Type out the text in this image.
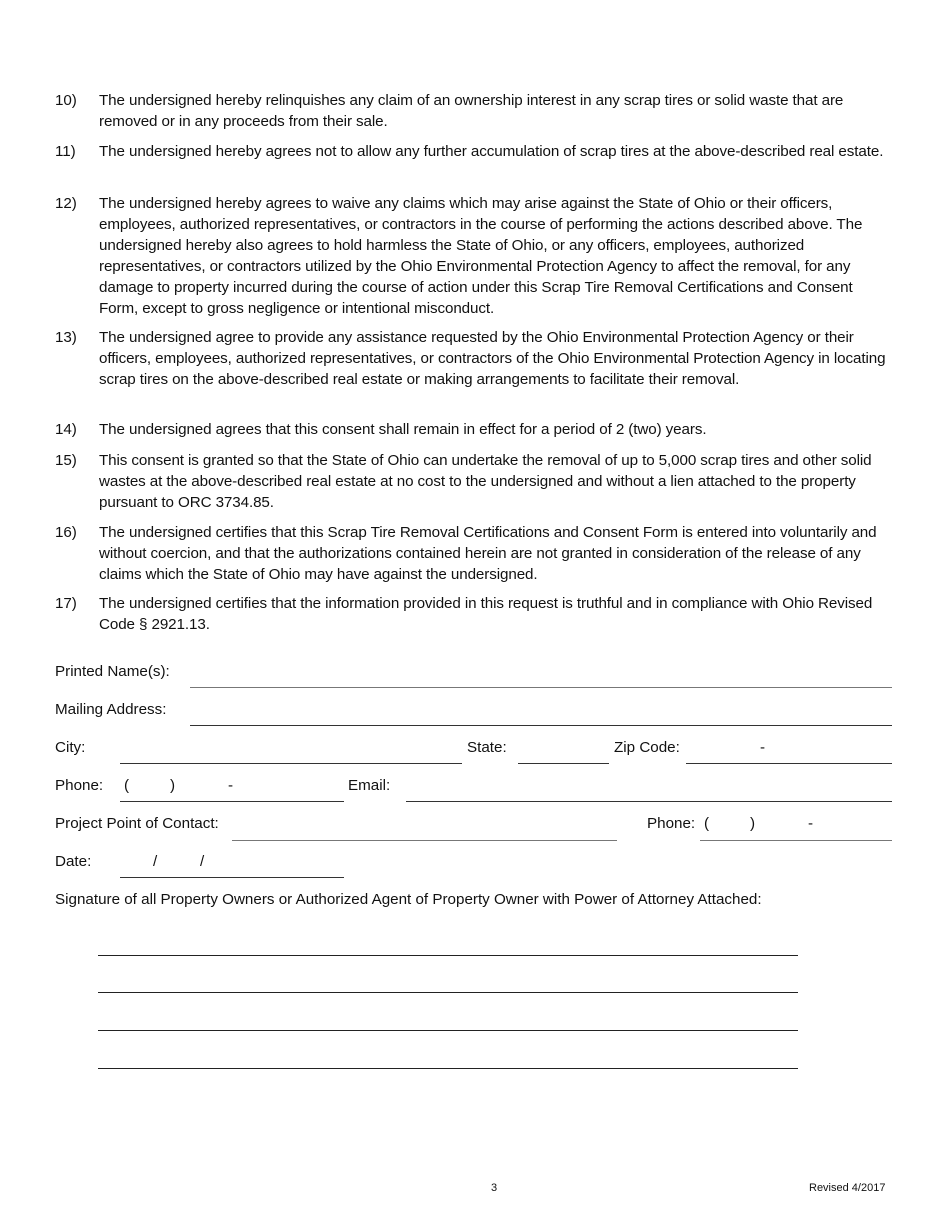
10)	The undersigned hereby relinquishes any claim of an ownership interest in any scrap tires or solid waste that are removed or in any proceeds from their sale.
11)	The undersigned hereby agrees not to allow any further accumulation of scrap tires at the above-described real estate.
12)	The undersigned hereby agrees to waive any claims which may arise against the State of Ohio or their officers, employees, authorized representatives, or contractors in the course of performing the actions described above. The undersigned hereby also agrees to hold harmless the State of Ohio, or any officers, employees, authorized representatives, or contractors utilized by the Ohio Environmental Protection Agency to affect the removal, for any damage to property incurred during the course of action under this Scrap Tire Removal Certifications and Consent Form, except to gross negligence or intentional misconduct.
13)	The undersigned agree to provide any assistance requested by the Ohio Environmental Protection Agency or their officers, employees, authorized representatives, or contractors of the Ohio Environmental Protection Agency in locating scrap tires on the above-described real estate or making arrangements to facilitate their removal.
14)	The undersigned agrees that this consent shall remain in effect for a period of 2 (two) years.
15)	This consent is granted so that the State of Ohio can undertake the removal of up to 5,000 scrap tires and other solid wastes at the above-described real estate at no cost to the undersigned and without a lien attached to the property pursuant to ORC 3734.85.
16)	The undersigned certifies that this Scrap Tire Removal Certifications and Consent Form is entered into voluntarily and without coercion, and that the authorizations contained herein are not granted in consideration of the release of any claims which the State of Ohio may have against the undersigned.
17)	The undersigned certifies that the information provided in this request is truthful and in compliance with Ohio Revised Code § 2921.13.
Printed Name(s):
Mailing Address:
City:	State:	Zip Code:	-
Phone: (	)	-	Email:
Project Point of Contact:	Phone: (	)	-
Date:	/	/
Signature of all Property Owners or Authorized Agent of Property Owner with Power of Attorney Attached:
3	Revised 4/2017
